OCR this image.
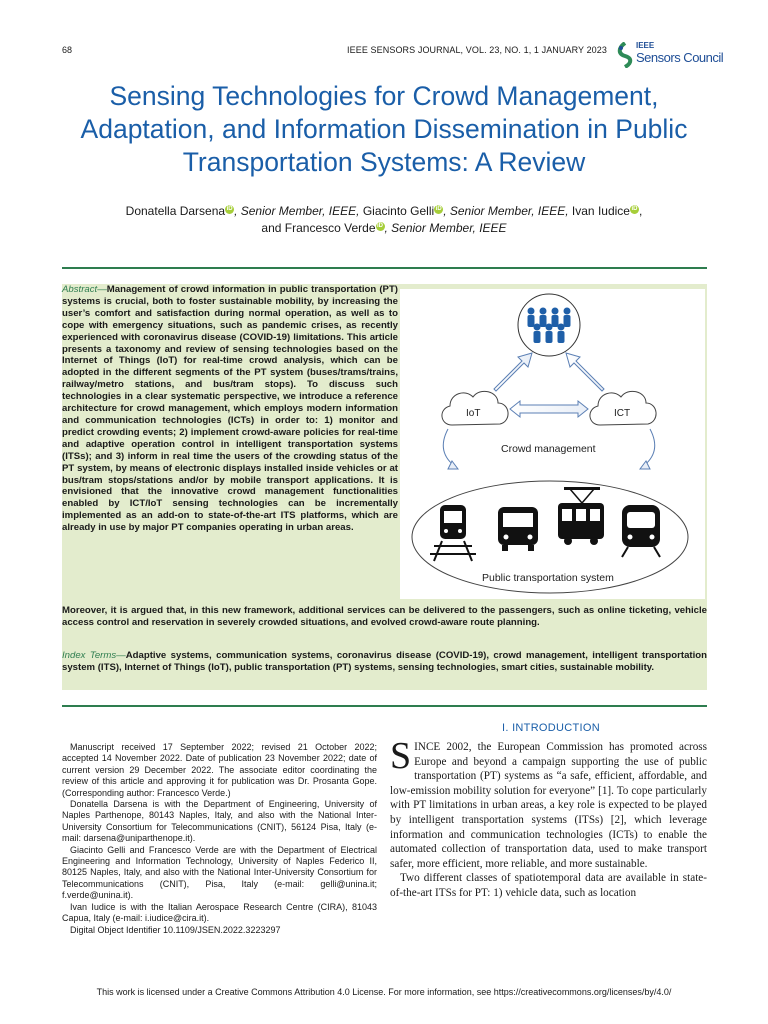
68	IEEE SENSORS JOURNAL, VOL. 23, NO. 1, 1 JANUARY 2023	IEEE
Sensors Council
Sensing Technologies for Crowd Management, Adaptation, and Information Dissemination in Public Transportation Systems: A Review
Donatella Darsena iD , Senior Member, IEEE, Giacinto Gelli iD , Senior Member, IEEE, Ivan Iudice iD ,
and Francesco Verde iD , Senior Member, IEEE
Abstract—Management of crowd information in public transportation (PT) systems is crucial, both to foster sustainable mobility, by increasing the user’s comfort and satisfaction during normal operation, as well as to cope with emergency situations, such as pandemic crises, as recently experienced with coronavirus disease (COVID-19) limitations. This article presents a taxonomy and review of sensing technologies based on the Internet of Things (IoT) for real-time crowd analysis, which can be adopted in the different segments of the PT system (buses/trams/trains, railway/metro stations, and bus/tram stops). To discuss such technologies in a clear systematic perspective, we introduce a reference architecture for crowd management, which employs modern information and communication technologies (ICTs) in order to: 1) monitor and predict crowding events; 2) implement crowd-aware policies for real-time and adaptive operation control in intelligent transportation systems (ITSs); and 3) inform in real time the users of the crowding status of the PT system, by means of electronic displays installed inside vehicles or at bus/tram stops/stations and/or by mobile transport applications. It is envisioned that the innovative crowd management functionalities enabled by ICT/IoT sensing technologies can be incrementally implemented as an add-on to state-of-the-art ITS platforms, which are already in use by major PT companies operating in urban areas.
IoT	ICT
Crowd management
Public transportation system
Moreover, it is argued that, in this new framework, additional services can be delivered to the passengers, such as online ticketing, vehicle access control and reservation in severely crowded situations, and evolved crowd-aware route planning.
Index Terms—Adaptive systems, communication systems, coronavirus disease (COVID-19), crowd management, intelligent transportation system (ITS), Internet of Things (IoT), public transportation (PT) systems, sensing technologies, smart cities, sustainable mobility.

Manuscript received 17 September 2022; revised 21 October 2022; accepted 14 November 2022. Date of publication 23 November 2022; date of current version 29 December 2022. The associate editor coordinating the review of this article and approving it for publication was Dr. Prosanta Gope. (Corresponding author: Francesco Verde.)

Donatella Darsena is with the Department of Engineering, University of Naples Parthenope, 80143 Naples, Italy, and also with the National Inter-University Consortium for Telecommunications (CNIT), 56124 Pisa, Italy (e-mail: darsena@uniparthenope.it).

Giacinto Gelli and Francesco Verde are with the Department of Electrical Engineering and Information Technology, University of Naples Federico II, 80125 Naples, Italy, and also with the National Inter-University Consortium for Telecommunications (CNIT), Pisa, Italy (e-mail: gelli@unina.it; f.verde@unina.it).

Ivan Iudice is with the Italian Aerospace Research Centre (CIRA), 81043 Capua, Italy (e-mail: i.iudice@cira.it).

Digital Object Identifier 10.1109/JSEN.2022.3223297

I. INTRODUCTION

SINCE 2002, the European Commission has promoted across Europe and beyond a campaign supporting the use of public transportation (PT) systems as “a safe, efficient, affordable, and low-emission mobility solution for everyone” [1]. To cope particularly with PT limitations in urban areas, a key role is expected to be played by intelligent transportation systems (ITSs) [2], which leverage information and communication technologies (ICTs) to enable the automated collection of transportation data, used to make transport safer, more efficient, more reliable, and more sustainable.

Two different classes of spatiotemporal data are available in state-of-the-art ITSs for PT: 1) vehicle data, such as location

This work is licensed under a Creative Commons Attribution 4.0 License. For more information, see https://creativecommons.org/licenses/by/4.0/
